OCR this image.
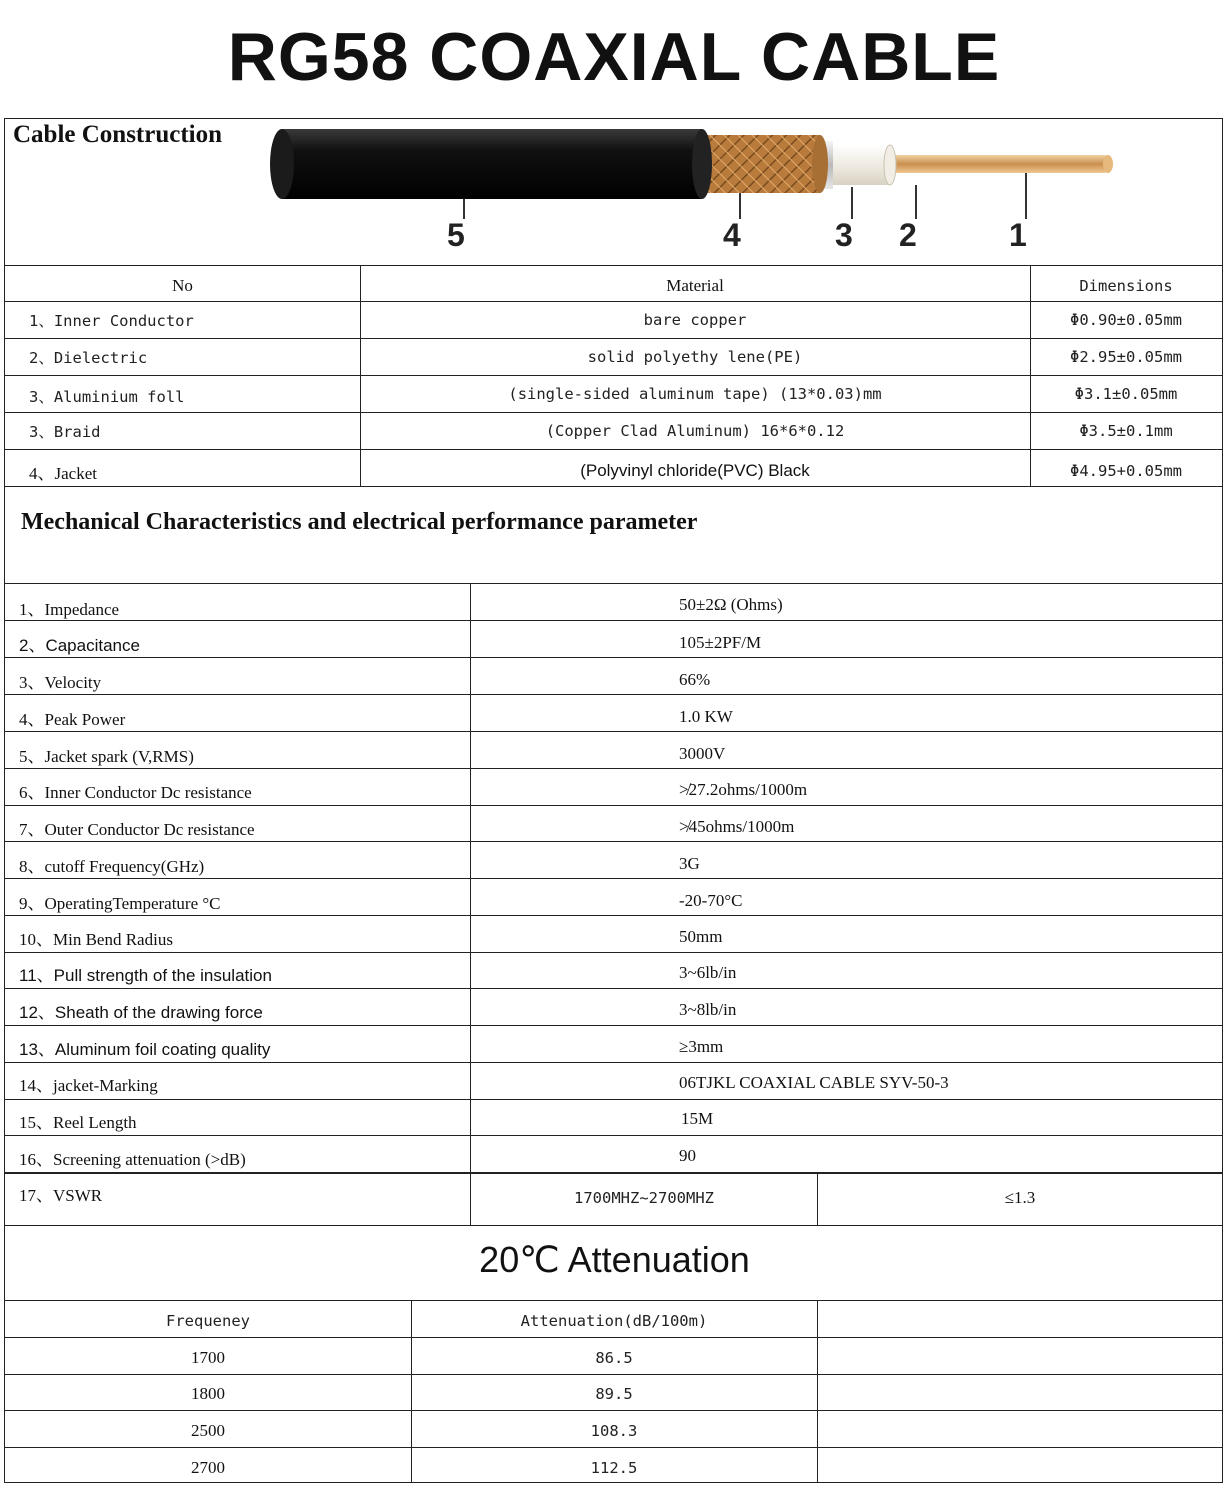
RG58 COAXIAL CABLE
Cable Construction
5	4	3 2	1
No	Material	Dimensions
1、Inner Conductor	bare copper	Φ0.90±0.05mm
2、Dielectric	solid polyethy lene(PE)	Φ2.95±0.05mm
3、Aluminium foll	(single-sided aluminum tape) (13*0.03)mm	Φ3.1±0.05mm
3、Braid	(Copper Clad Aluminum) 16*6*0.12	Φ3.5±0.1mm
4、Jacket	(Polyvinyl chloride(PVC) Black	Φ4.95+0.05mm
Mechanical Characteristics and electrical performance parameter
1、Impedance	50±2Ω (Ohms)
2、Capacitance	105±2PF/M
3、Velocity	66%
4、Peak Power	1.0 KW
5、Jacket spark (V,RMS)	3000V
6、Inner Conductor Dc resistance	≯27.2ohms/1000m
7、Outer Conductor Dc resistance	≯45ohms/1000m
8、cutoff Frequency(GHz)	3G
9、OperatingTemperature °C	-20-70°C
10、Min Bend Radius	50mm
11、Pull strength of the insulation	3~6lb/in
12、Sheath of the drawing force	3~8lb/in
13、Aluminum foil coating quality	≥3mm
14、jacket-Marking	06TJKL COAXIAL CABLE SYV-50-3
15、Reel Length	15M
16、Screening attenuation (>dB)	90
17、VSWR	1700MHZ~2700MHZ	≤1.3
20℃ Attenuation
Frequeney	Attenuation(dB/100m)
1700	86.5
1800	89.5
2500	108.3
2700	112.5
